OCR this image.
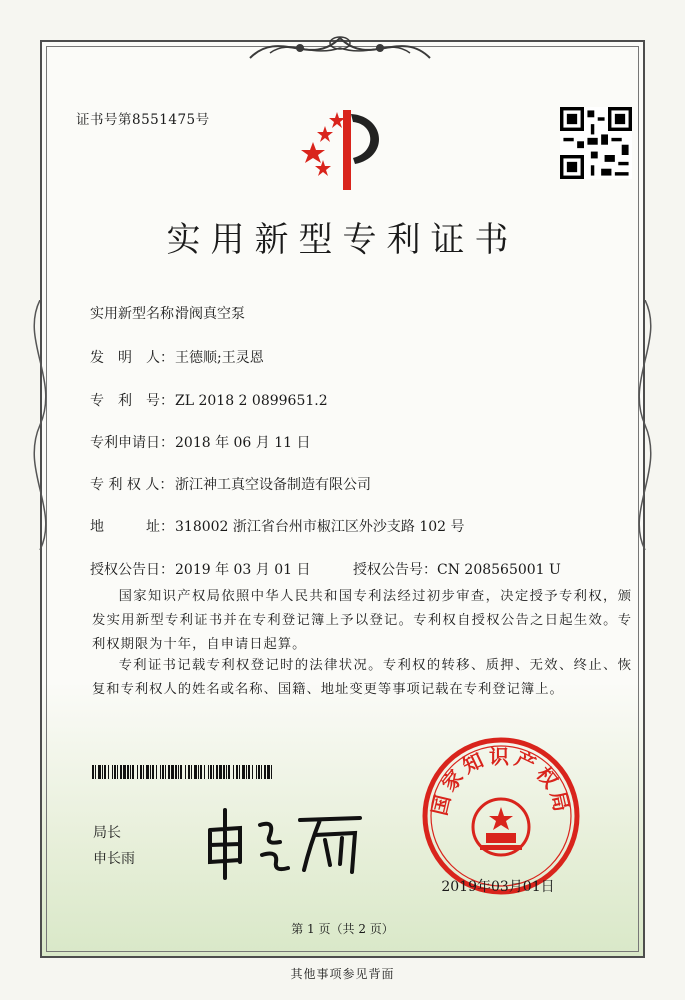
证书号第8551475号
实用新型专利证书
实用新型名称：滑阀真空泵
发　明　人：王德顺;王灵恩
专　利　号：ZL 2018 2 0899651.2
专利申请日：2018 年 06 月 11 日
专 利 权 人： 浙江神工真空设备制造有限公司
地　　　址：318002 浙江省台州市椒江区外沙支路 102 号
授权公告日：2019 年 03 月 01 日	授权公告号：CN 208565001 U
国家知识产权局依照中华人民共和国专利法经过初步审查，决定授予专利权，颁发实用新型专利证书并在专利登记簿上予以登记。专利权自授权公告之日起生效。专利权期限为十年，自申请日起算。
专利证书记载专利权登记时的法律状况。专利权的转移、质押、无效、终止、恢复和专利权人的姓名或名称、国籍、地址变更等事项记载在专利登记簿上。
局长
申长雨
国家知识产权局
2019年03月01日
第 1 页（共 2 页）
其他事项参见背面
